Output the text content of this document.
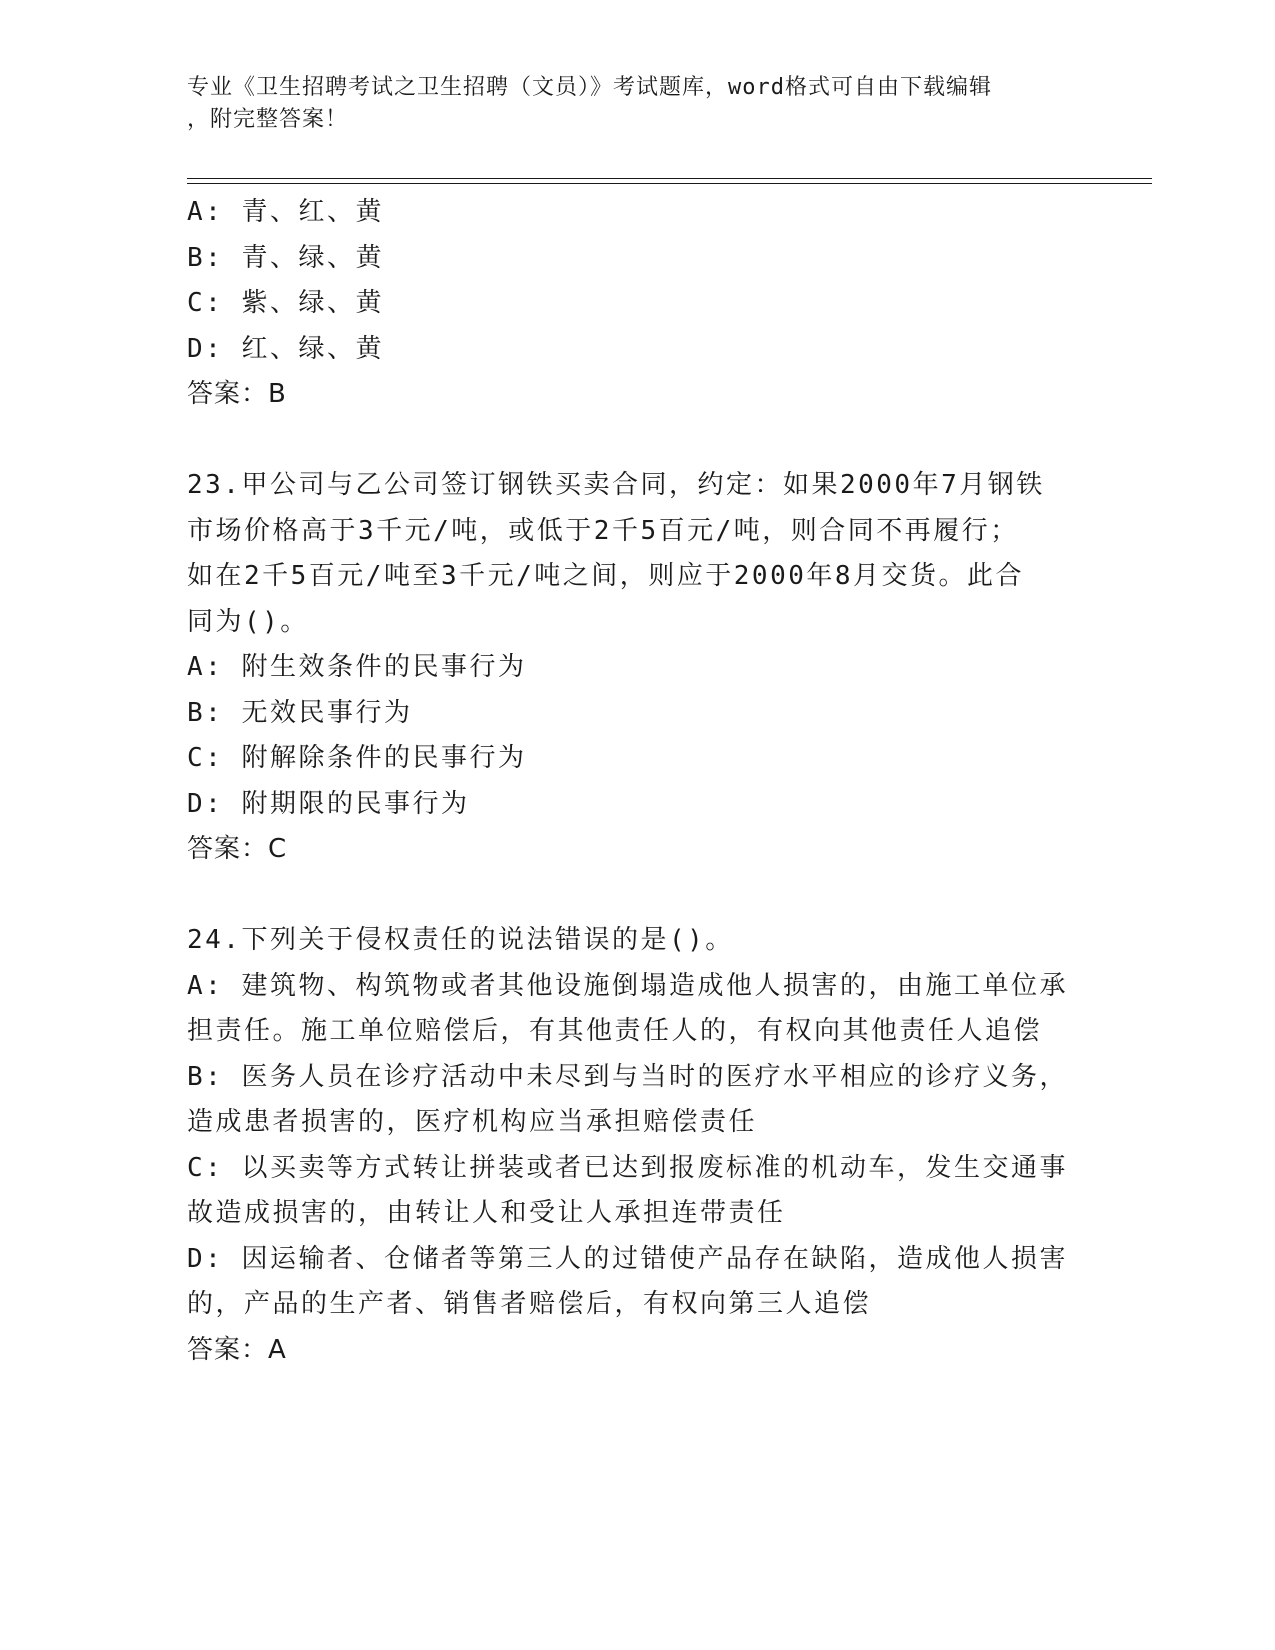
专业《卫生招聘考试之卫生招聘（文员）》考试题库，word格式可自由下载编辑
，附完整答案！
A: 青、红、黄
B: 青、绿、黄
C: 紫、绿、黄
D: 红、绿、黄
答案：B
23.甲公司与乙公司签订钢铁买卖合同，约定：如果2000年7月钢铁
市场价格高于3千元/吨，或低于2千5百元/吨，则合同不再履行；
如在2千5百元/吨至3千元/吨之间，则应于2000年8月交货。此合
同为()。
A: 附生效条件的民事行为
B: 无效民事行为
C: 附解除条件的民事行为
D: 附期限的民事行为
答案：C
24.下列关于侵权责任的说法错误的是()。
A: 建筑物、构筑物或者其他设施倒塌造成他人损害的，由施工单位承
担责任。施工单位赔偿后，有其他责任人的，有权向其他责任人追偿
B: 医务人员在诊疗活动中未尽到与当时的医疗水平相应的诊疗义务，
造成患者损害的，医疗机构应当承担赔偿责任
C: 以买卖等方式转让拼装或者已达到报废标准的机动车，发生交通事
故造成损害的，由转让人和受让人承担连带责任
D: 因运输者、仓储者等第三人的过错使产品存在缺陷，造成他人损害
的，产品的生产者、销售者赔偿后，有权向第三人追偿
答案：A
